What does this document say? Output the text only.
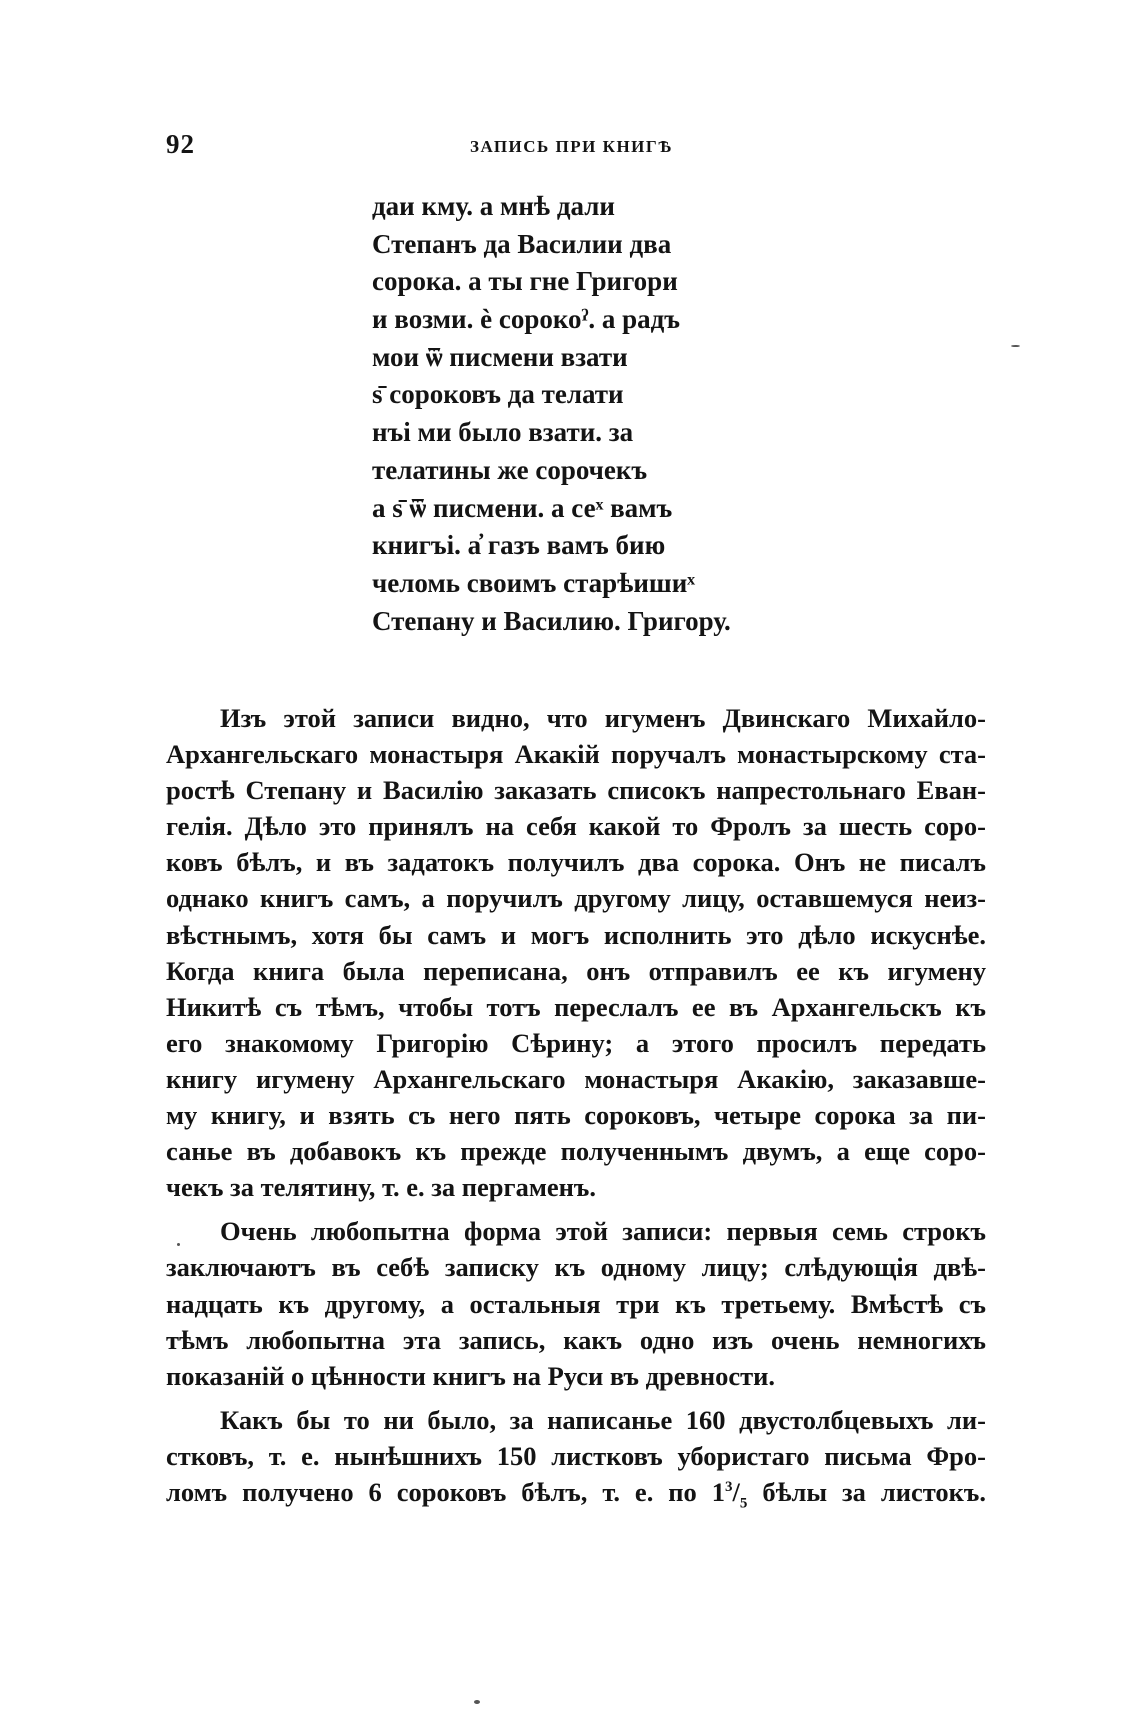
92	ЗАПИСЬ ПРИ КНИГѢ
даи кму. а мнѣ дали
Степанъ да Василии два
сорока. а ты гне Григори
и возми. ѐ сорокоˀ. а радъ
мои ѿ писмени взати
ѕ̄ сороковъ да телати
нъі ми было взати. за
телатины же сорочекъ
а ѕ̄ ѿ писмени. а сеˣ вамъ
книгъі. а҆ газъ вамъ бию
челомь своимъ старѣишиˣ
Степану и Василию. Григору.
Изъ этой записи видно, что игуменъ Двинскаго Михайло-
Архангельскаго монастыря Акакій поручалъ монастырскому ста-
ростѣ Степану и Василію заказать списокъ напрестольнаго Еван-
гелія. Дѣло это принялъ на себя какой то Фролъ за шесть соро-
ковъ бѣлъ, и въ задатокъ получилъ два сорока. Онъ не писалъ
однако книгъ самъ, а поручилъ другому лицу, оставшемуся неиз-
вѣстнымъ, хотя бы самъ и могъ исполнить это дѣло искуснѣе.
Когда книга была переписана, онъ отправилъ ее къ игумену
Никитѣ съ тѣмъ, чтобы тотъ переслалъ ее въ Архангельскъ къ
его знакомому Григорію Сѣрину; а этого просилъ передать
книгу игумену Архангельскаго монастыря Акакію, заказавше-
му книгу, и взять съ него пять сороковъ, четыре сорока за пи-
санье въ добавокъ къ прежде полученнымъ двумъ, а еще соро-
чекъ за телятину, т. е. за пергаменъ.
Очень любопытна форма этой записи: первыя семь строкъ
заключаютъ въ себѣ записку къ одному лицу; слѣдующія двѣ-
надцать къ другому, а остальныя три къ третьему. Вмѣстѣ съ
тѣмъ любопытна эта запись, какъ одно изъ очень немногихъ
показаній о цѣнности книгъ на Руси въ древности.
Какъ бы то ни было, за написанье 160 двустолбцевыхъ ли-
стковъ, т. е. нынѣшнихъ 150 листковъ убористаго письма Фро-
ломъ получено 6 сороковъ бѣлъ, т. е. по $1^3/_5$ бѣлы за листокъ.
